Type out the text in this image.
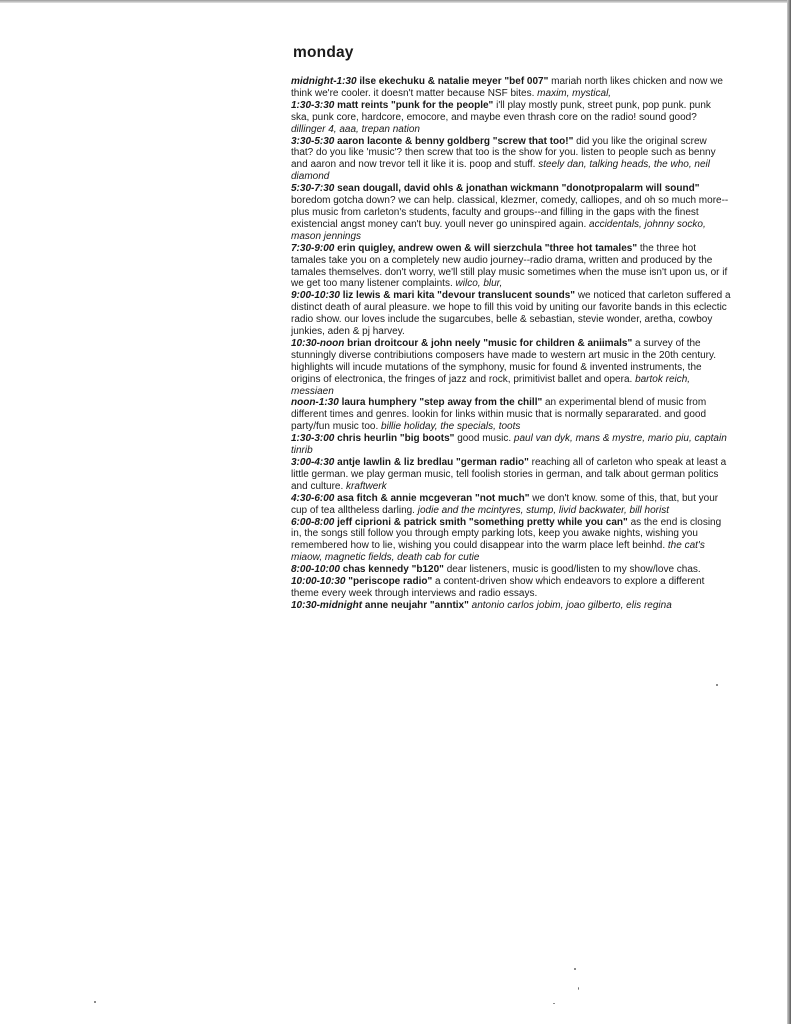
monday

midnight-1:30 ilse ekechuku & natalie meyer "bef 007" mariah north likes chicken and now we think we're cooler. it doesn't matter because NSF bites. maxim, mystical,

1:30-3:30 matt reints "punk for the people" i'll play mostly punk, street punk, pop punk. punk ska, punk core, hardcore, emocore, and maybe even thrash core on the radio! sound good? dillinger 4, aaa, trepan nation

3:30-5:30 aaron laconte & benny goldberg "screw that too!" did you like the original screw that? do you like 'music'? then screw that too is the show for you. listen to people such as benny and aaron and now trevor tell it like it is. poop and stuff. steely dan, talking heads, the who, neil diamond

5:30-7:30 sean dougall, david ohls & jonathan wickmann "donotpropalarm will sound" boredom gotcha down? we can help. classical, klezmer, comedy, calliopes, and oh so much more--plus music from carleton's students, faculty and groups--and filling in the gaps with the finest existencial angst money can't buy. youll never go uninspired again. accidentals, johnny socko, mason jennings

7:30-9:00 erin quigley, andrew owen & will sierzchula "three hot tamales" the three hot tamales take you on a completely new audio journey--radio drama, written and produced by the tamales themselves. don't worry, we'll still play music sometimes when the muse isn't upon us, or if we get too many listener complaints. wilco, blur,

9:00-10:30 liz lewis & mari kita "devour translucent sounds" we noticed that carleton suffered a distinct death of aural pleasure. we hope to fill this void by uniting our favorite bands in this eclectic radio show. our loves include the sugarcubes, belle & sebastian, stevie wonder, aretha, cowboy junkies, aden & pj harvey.

10:30-noon brian droitcour & john neely "music for children & aniimals" a survey of the stunningly diverse contribiutions composers have made to western art music in the 20th century. highlights will incude mutations of the symphony, music for found & invented instruments, the origins of electronica, the fringes of jazz and rock, primitivist ballet and opera. bartok reich, messiaen

noon-1:30 laura humphery "step away from the chill" an experimental blend of music from different times and genres. lookin for links within music that is normally separarated. and good party/fun music too. billie holiday, the specials, toots

1:30-3:00 chris heurlin "big boots" good music. paul van dyk, mans & mystre, mario piu, captain tinrib

3:00-4:30 antje lawlin & liz bredlau "german radio" reaching all of carleton who speak at least a little german. we play german music, tell foolish stories in german, and talk about german politics and culture. kraftwerk

4:30-6:00 asa fitch & annie mcgeveran "not much" we don't know. some of this, that, but your cup of tea alltheless darling. jodie and the mcintyres, stump, livid backwater, bill horist

6:00-8:00 jeff ciprioni & patrick smith "something pretty while you can" as the end is closing in, the songs still follow you through empty parking lots, keep you awake nights, wishing you remembered how to lie, wishing you could disappear into the warm place left beinhd. the cat's miaow, magnetic fields, death cab for cutie

8:00-10:00 chas kennedy "b120" dear listeners, music is good/listen to my show/love chas.

10:00-10:30 "periscope radio" a content-driven show which endeavors to explore a different theme every week through interviews and radio essays.

10:30-midnight anne neujahr "anntix" antonio carlos jobim, joao gilberto, elis regina
